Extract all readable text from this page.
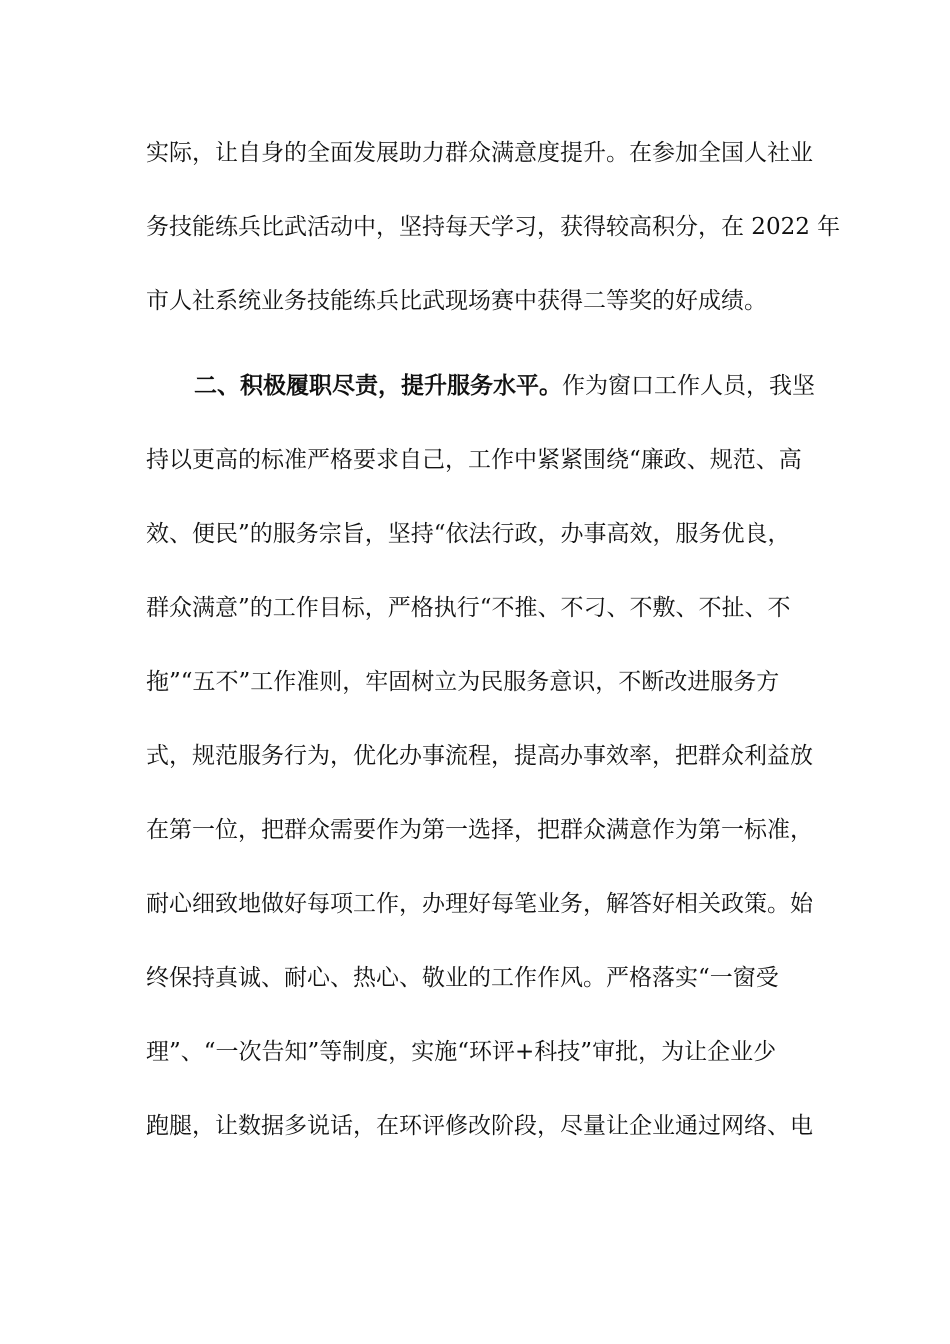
实际，让自身的全面发展助力群众满意度提升。在参加全国人社业
务技能练兵比武活动中，坚持每天学习，获得较高积分，在 2022 年
市人社系统业务技能练兵比武现场赛中获得二等奖的好成绩。
二、积极履职尽责，提升服务水平。作为窗口工作人员，我坚
持以更高的标准严格要求自己，工作中紧紧围绕“廉政、规范、高
效、便民”的服务宗旨，坚持“依法行政，办事高效，服务优良，
群众满意”的工作目标，严格执行“不推、不刁、不敷、不扯、不
拖”“五不”工作准则，牢固树立为民服务意识，不断改进服务方
式，规范服务行为，优化办事流程，提高办事效率，把群众利益放
在第一位，把群众需要作为第一选择，把群众满意作为第一标准，
耐心细致地做好每项工作，办理好每笔业务，解答好相关政策。始
终保持真诚、耐心、热心、敬业的工作作风。严格落实“一窗受
理”、“一次告知”等制度，实施“环评+科技”审批，为让企业少
跑腿，让数据多说话，在环评修改阶段，尽量让企业通过网络、电
